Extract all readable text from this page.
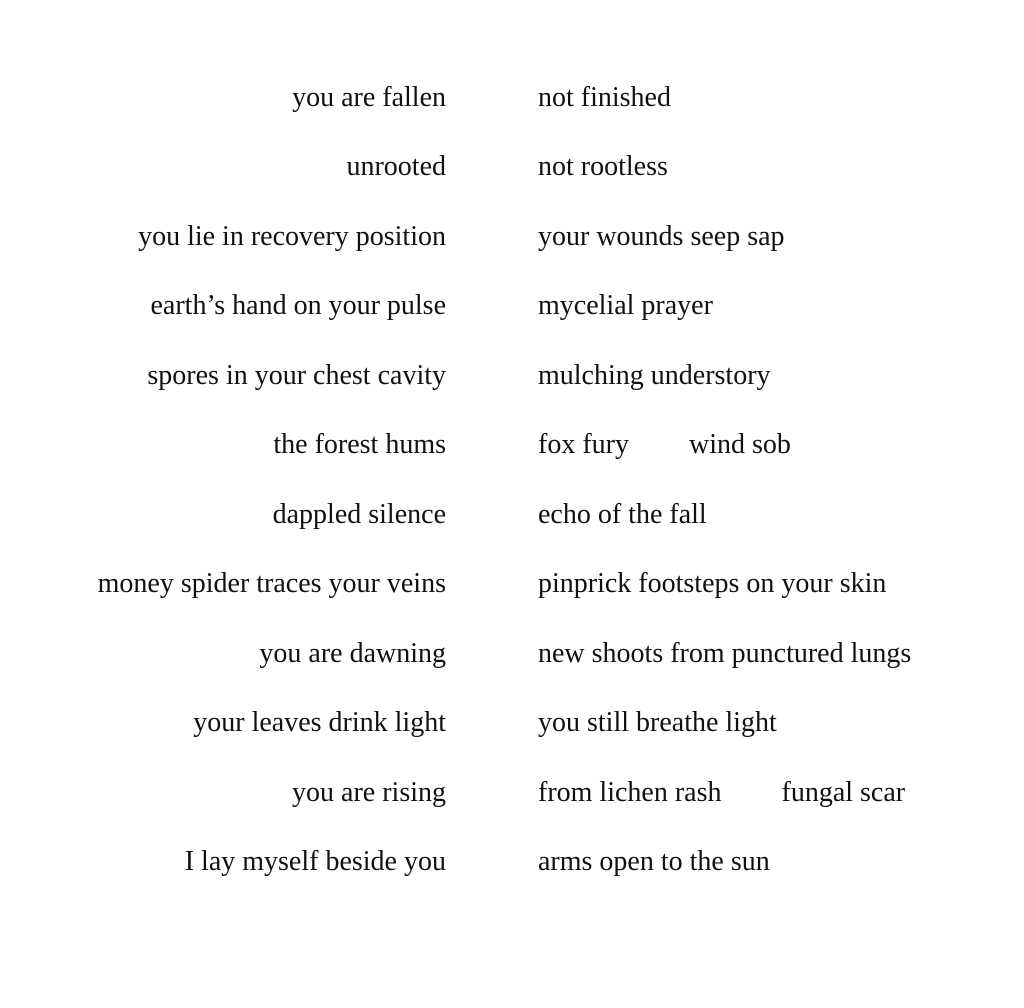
you are fallen	not finished
unrooted	not rootless
you lie in recovery position	your wounds seep sap
earth’s hand on your pulse	mycelial prayer
spores in your chest cavity	mulching understory
the forest hums	fox fury wind sob
dappled silence	echo of the fall
money spider traces your veins	pinprick footsteps on your skin
you are dawning	new shoots from punctured lungs
your leaves drink light	you still breathe light
you are rising	from lichen rash fungal scar
I lay myself beside you	arms open to the sun
